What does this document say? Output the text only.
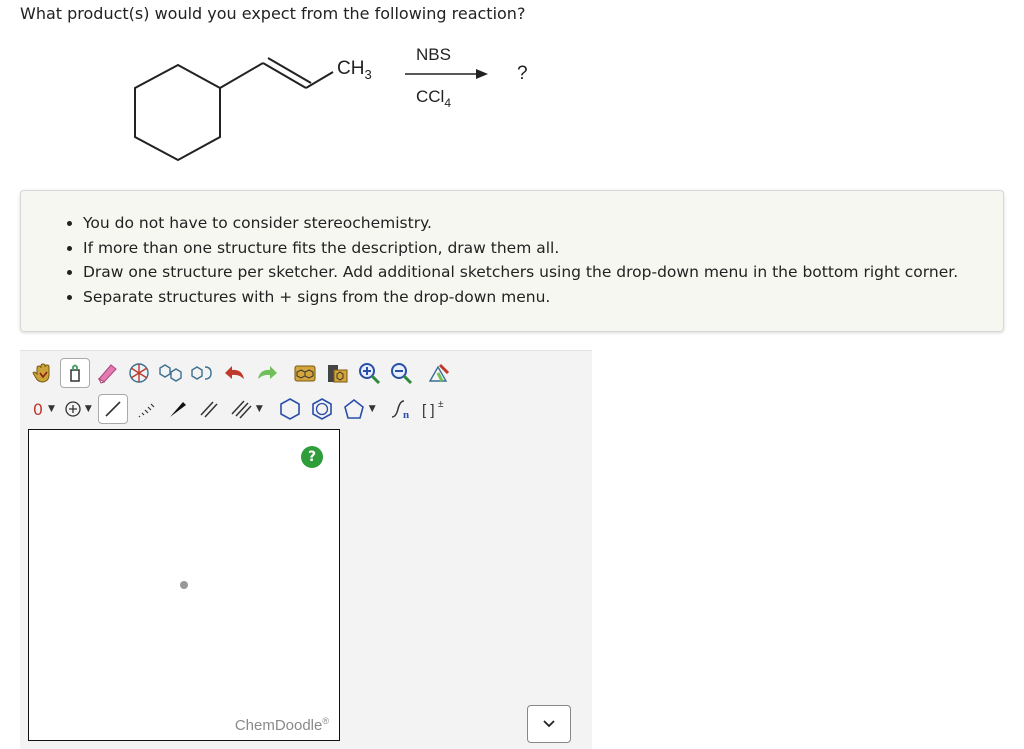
What product(s) would you expect from the following reaction?
$CH_3$
NBS
CCl$_4$
?
• You do not have to consider stereochemistry.
• If more than one structure fits the description, draw them all.
• Draw one structure per sketcher. Add additional sketchers using the drop-down menu in the bottom right corner.
• Separate structures with + signs from the drop-down menu.
0 ▼	▼	▼	▼ n [ ] ±
?
ChemDoodle®
